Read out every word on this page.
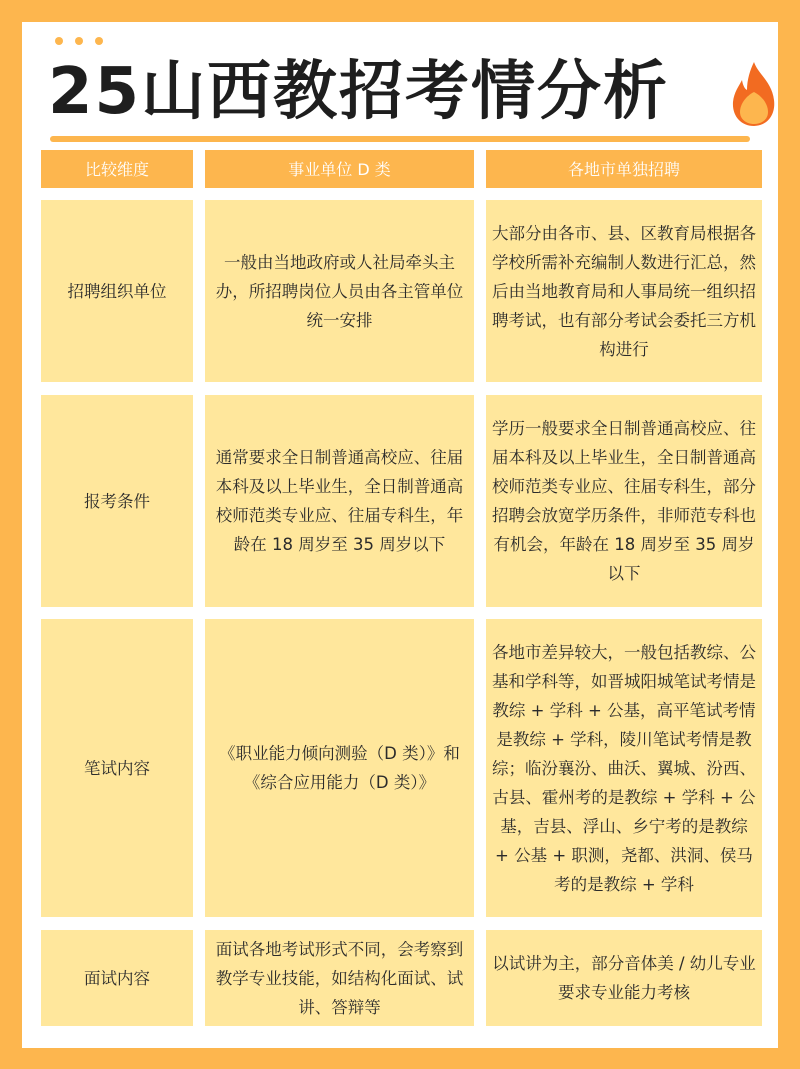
25山西教招考情分析
比较维度	事业单位 D 类	各地市单独招聘
招聘组织单位
一般由当地政府或人社局牵头主办，所招聘岗位人员由各主管单位统一安排
大部分由各市、县、区教育局根据各学校所需补充编制人数进行汇总，然后由当地教育局和人事局统一组织招聘考试，也有部分考试会委托三方机构进行
报考条件
通常要求全日制普通高校应、往届本科及以上毕业生，全日制普通高校师范类专业应、往届专科生，年龄在 18 周岁至 35 周岁以下
学历一般要求全日制普通高校应、往届本科及以上毕业生，全日制普通高校师范类专业应、往届专科生，部分招聘会放宽学历条件，非师范专科也有机会，年龄在 18 周岁至 35 周岁以下
笔试内容
《职业能力倾向测验（D 类）》和《综合应用能力（D 类）》
各地市差异较大，一般包括教综、公基和学科等，如晋城阳城笔试考情是教综 + 学科 + 公基，高平笔试考情是教综 + 学科，陵川笔试考情是教综；临汾襄汾、曲沃、翼城、汾西、古县、霍州考的是教综 + 学科 + 公基，吉县、浮山、乡宁考的是教综 + 公基 + 职测，尧都、洪洞、侯马考的是教综 + 学科
面试内容
面试各地考试形式不同，会考察到教学专业技能，如结构化面试、试讲、答辩等
以试讲为主，部分音体美 / 幼儿专业要求专业能力考核
